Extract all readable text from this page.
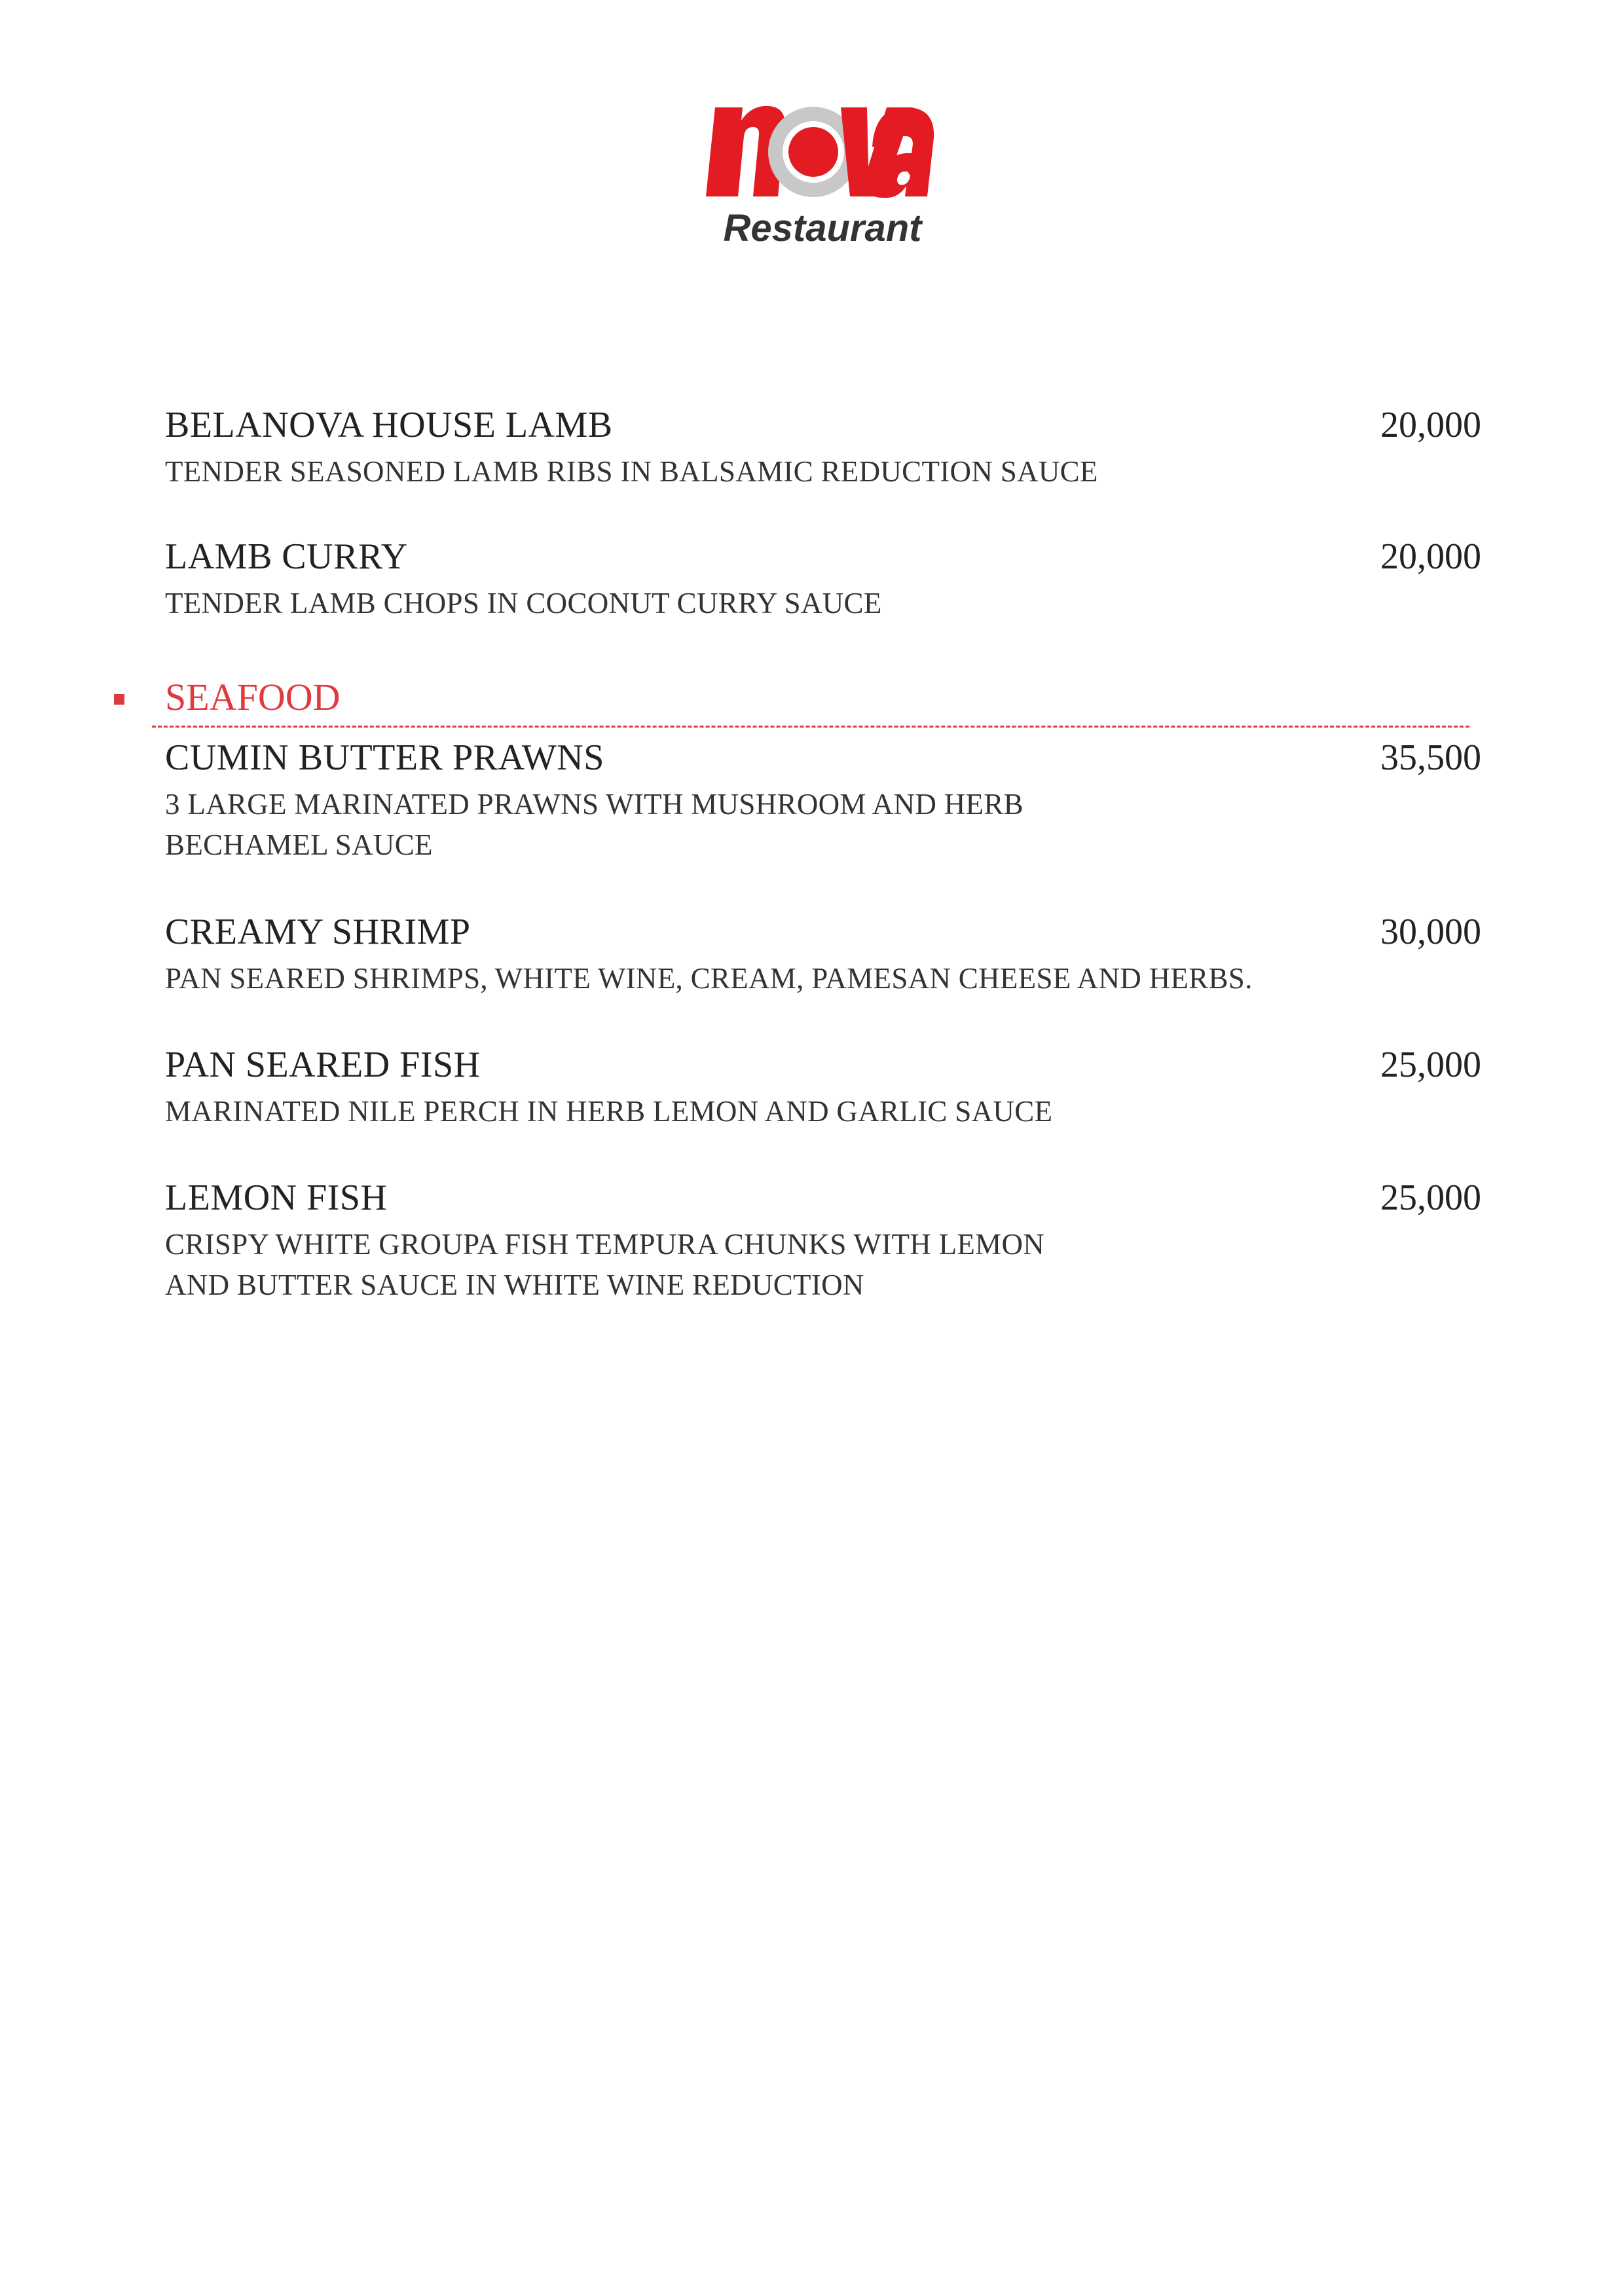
Restaurant
BELANOVA HOUSE LAMB	20,000
TENDER SEASONED LAMB RIBS IN BALSAMIC REDUCTION SAUCE
LAMB CURRY	20,000
TENDER LAMB CHOPS IN COCONUT CURRY SAUCE
SEAFOOD
CUMIN BUTTER PRAWNS	35,500
3 LARGE MARINATED PRAWNS WITH MUSHROOM AND HERB
BECHAMEL SAUCE
CREAMY SHRIMP	30,000
PAN SEARED SHRIMPS, WHITE WINE, CREAM, PAMESAN CHEESE AND HERBS.
PAN SEARED FISH	25,000
MARINATED NILE PERCH IN HERB LEMON AND GARLIC SAUCE
LEMON FISH	25,000
CRISPY WHITE GROUPA FISH TEMPURA CHUNKS WITH LEMON
AND BUTTER SAUCE IN WHITE WINE REDUCTION
